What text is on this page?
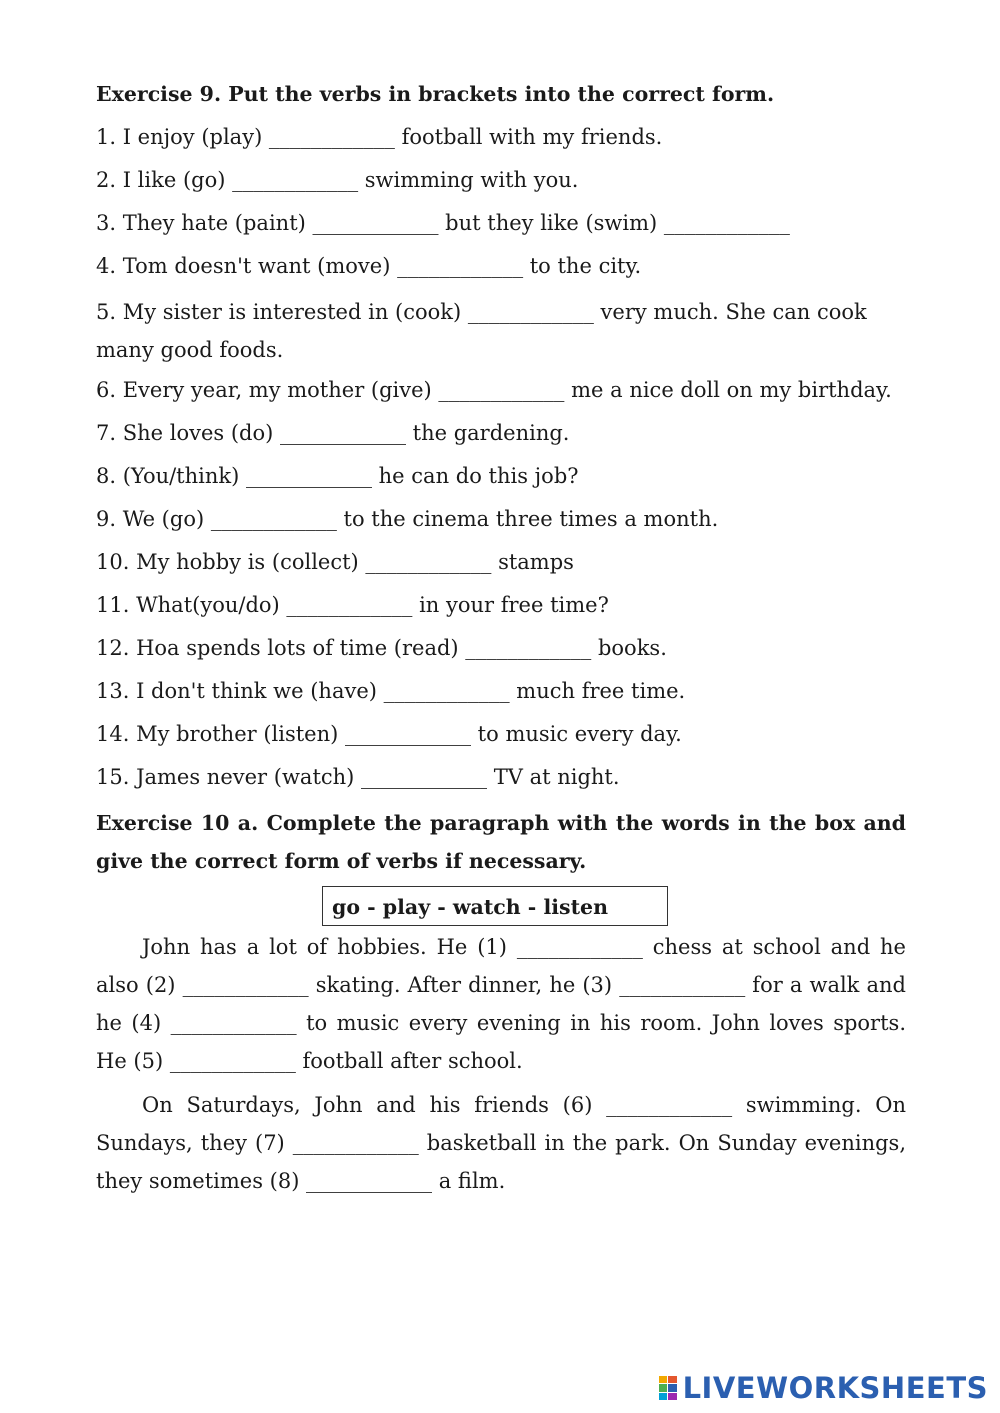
Exercise 9. Put the verbs in brackets into the correct form.
1. I enjoy (play) ____________ football with my friends.
2. I like (go) ____________ swimming with you.
3. They hate (paint) ____________ but they like (swim) ____________
4. Tom doesn't want (move) ____________ to the city.
5. My sister is interested in (cook) ____________ very much. She can cook many good foods.
6. Every year, my mother (give) ____________ me a nice doll on my birthday.
7. She loves (do) ____________ the gardening.
8. (You/think) ____________ he can do this job?
9. We (go) ____________ to the cinema three times a month.
10. My hobby is (collect) ____________ stamps
11. What(you/do) ____________ in your free time?
12. Hoa spends lots of time (read) ____________ books.
13. I don't think we (have) ____________ much free time.
14. My brother (listen) ____________ to music every day.
15. James never (watch) ____________ TV at night.
Exercise 10 a. Complete the paragraph with the words in the box and give the correct form of verbs if necessary.
go - play - watch - listen

John has a lot of hobbies. He (1) ____________ chess at school and he also (2) ____________ skating. After dinner, he (3) ____________ for a walk and he (4) ____________ to music every evening in his room. John loves sports. He (5) ____________ football after school.

On Saturdays, John and his friends (6) ____________ swimming. On Sundays, they (7) ____________ basketball in the park. On Sunday evenings, they sometimes (8) ____________ a film.

LIVEWORKSHEETS
